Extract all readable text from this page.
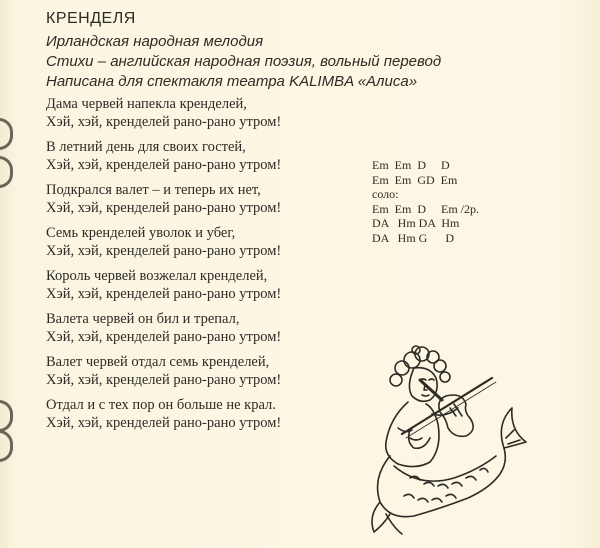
КРЕНДЕЛЯ
Ирландская народная мелодия
Стихи – английская народная поэзия, вольный перевод
Написана для спектакля театра KALIMBA «Алиса»
Дама червей напекла кренделей,
Хэй, хэй, кренделей рано-рано утром!
В летний день для своих гостей,
Хэй, хэй, кренделей рано-рано утром!
Подкрался валет – и теперь их нет,
Хэй, хэй, кренделей рано-рано утром!
Семь кренделей уволок и убег,
Хэй, хэй, кренделей рано-рано утром!
Король червей возжелал кренделей,
Хэй, хэй, кренделей рано-рано утром!
Валета червей он бил и трепал,
Хэй, хэй, кренделей рано-рано утром!
Валет червей отдал семь кренделей,
Хэй, хэй, кренделей рано-рано утром!
Отдал и с тех пор он больше не крал.
Хэй, хэй, кренделей рано-рано утром!
Em  Em  D     D
Em  Em  GD  Em
соло:
Em  Em  D     Em /2р.
DA   Hm DA  Hm
DA   Hm G      D
